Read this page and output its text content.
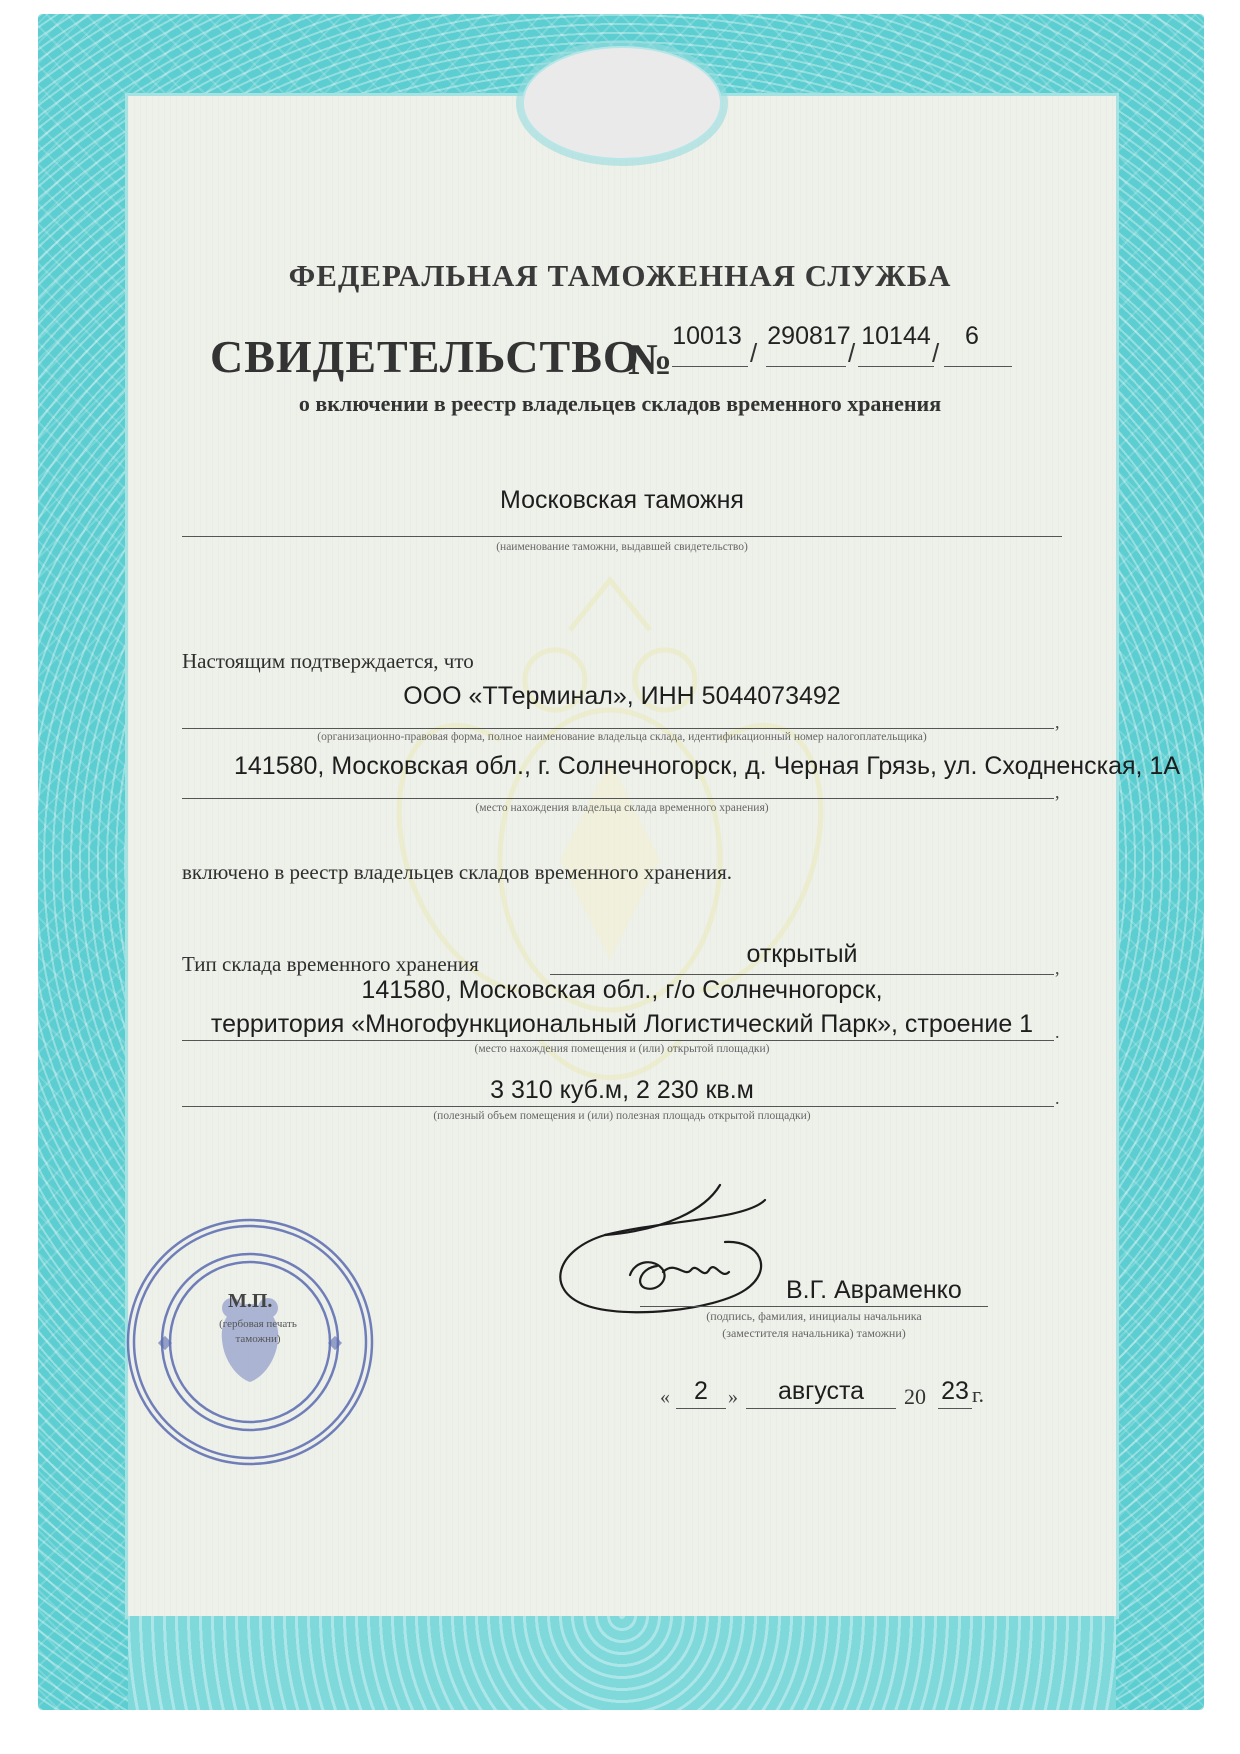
ФЕДЕРАЛЬНАЯ ТАМОЖЕННАЯ СЛУЖБА
СВИДЕТЕЛЬСТВО
№ 10013
/
290817
/
10144
/
6
о включении в реестр владельцев складов временного хранения
Московская таможня
(наименование таможни, выдавшей свидетельство)
Настоящим подтверждается, что
ООО «ТТерминал», ИНН 5044073492
,
(организационно-правовая форма, полное наименование владельца склада, идентификационный номер налогоплательщика)
141580, Московская обл., г. Солнечногорск, д. Черная Грязь, ул. Сходненская, 1А
,
(место нахождения владельца склада временного хранения)
включено в реестр владельцев складов временного хранения.
Тип склада временного хранения	открытый	,
141580, Московская обл., г/о Солнечногорск,
территория «Многофункциональный Логистический Парк», строение 1	.
(место нахождения помещения и (или) открытой площадки)
3 310 куб.м, 2 230 кв.м	.
(полезный объем помещения и (или) полезная площадь открытой площадки)
М.П.
(гербовая печать
таможни)
В.Г. Авраменко
(подпись, фамилия, инициалы начальника
(заместителя начальника) таможни)
« 2	»	августа	20 23 г.
